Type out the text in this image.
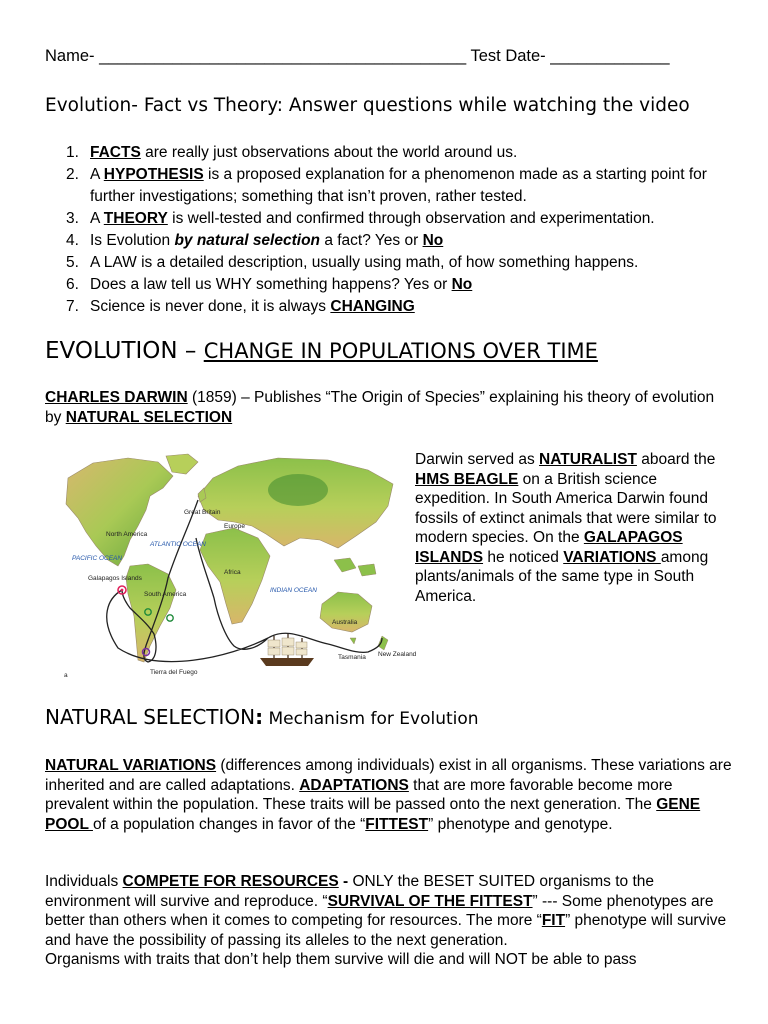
Name- ________________________________________ Test Date- _____________
Evolution- Fact vs Theory: Answer questions while watching the video
1. FACTS are really just observations about the world around us.
2. A HYPOTHESIS is a proposed explanation for a phenomenon made as a starting point for further investigations; something that isn’t proven, rather tested.
3. A THEORY is well-tested and confirmed through observation and experimentation.
4. Is Evolution by natural selection a fact? Yes or No
5. A LAW is a detailed description, usually using math, of how something happens.
6. Does a law tell us WHY something happens? Yes or No
7. Science is never done, it is always CHANGING
EVOLUTION – CHANGE IN POPULATIONS OVER TIME
CHARLES DARWIN (1859) – Publishes “The Origin of Species” explaining his theory of evolution by NATURAL SELECTION
Great Britain
Europe
North America
ATLANTIC OCEAN
PACIFIC OCEAN
Africa
INDIAN OCEAN
Galapagos Islands
South America
Australia
Tasmania New Zealand
Tierra del Fuego
a
Darwin served as NATURALIST aboard the HMS BEAGLE on a British science expedition. In South America Darwin found fossils of extinct animals that were similar to modern species. On the GALAPAGOS ISLANDS he noticed VARIATIONS among plants/animals of the same type in South America.
NATURAL SELECTION: Mechanism for Evolution
NATURAL VARIATIONS (differences among individuals) exist in all organisms. These variations are inherited and are called adaptations. ADAPTATIONS that are more favorable become more prevalent within the population. These traits will be passed onto the next generation. The GENE POOL of a population changes in favor of the “FITTEST” phenotype and genotype.
Individuals COMPETE FOR RESOURCES - ONLY the BESET SUITED organisms to the environment will survive and reproduce. “SURVIVAL OF THE FITTEST” --- Some phenotypes are better than others when it comes to competing for resources. The more “FIT” phenotype will survive and have the possibility of passing its alleles to the next generation.
Organisms with traits that don’t help them survive will die and will NOT be able to pass
